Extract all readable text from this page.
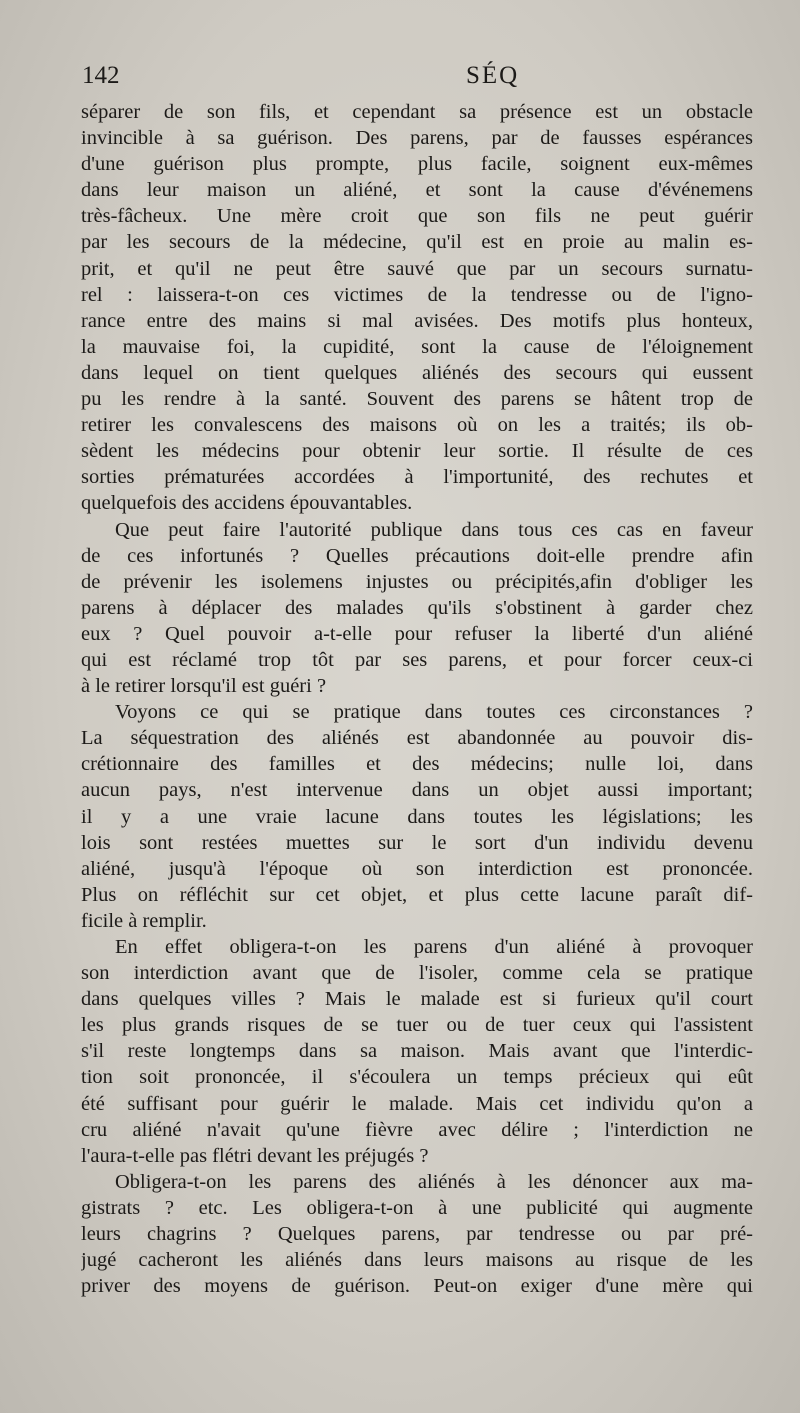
142	SÉQ
séparer de son fils, et cependant sa présence est un obstacle
invincible à sa guérison. Des parens, par de fausses espérances
d'une guérison plus prompte, plus facile, soignent eux-mêmes
dans leur maison un aliéné, et sont la cause d'événemens
très-fâcheux. Une mère croit que son fils ne peut guérir
par les secours de la médecine, qu'il est en proie au malin es-
prit, et qu'il ne peut être sauvé que par un secours surnatu-
rel : laissera-t-on ces victimes de la tendresse ou de l'igno-
rance entre des mains si mal avisées. Des motifs plus honteux,
la mauvaise foi, la cupidité, sont la cause de l'éloignement
dans lequel on tient quelques aliénés des secours qui eussent
pu les rendre à la santé. Souvent des parens se hâtent trop de
retirer les convalescens des maisons où on les a traités; ils ob-
sèdent les médecins pour obtenir leur sortie. Il résulte de ces
sorties prématurées accordées à l'importunité, des rechutes et
quelquefois des accidens épouvantables.
Que peut faire l'autorité publique dans tous ces cas en faveur
de ces infortunés ? Quelles précautions doit-elle prendre afin
de prévenir les isolemens injustes ou précipités,afin d'obliger les
parens à déplacer des malades qu'ils s'obstinent à garder chez
eux ? Quel pouvoir a-t-elle pour refuser la liberté d'un aliéné
qui est réclamé trop tôt par ses parens, et pour forcer ceux-ci
à le retirer lorsqu'il est guéri ?
Voyons ce qui se pratique dans toutes ces circonstances ?
La séquestration des aliénés est abandonnée au pouvoir dis-
crétionnaire des familles et des médecins; nulle loi, dans
aucun pays, n'est intervenue dans un objet aussi important;
il y a une vraie lacune dans toutes les législations; les
lois sont restées muettes sur le sort d'un individu devenu
aliéné, jusqu'à l'époque où son interdiction est prononcée.
Plus on réfléchit sur cet objet, et plus cette lacune paraît dif-
ficile à remplir.
En effet obligera-t-on les parens d'un aliéné à provoquer
son interdiction avant que de l'isoler, comme cela se pratique
dans quelques villes ? Mais le malade est si furieux qu'il court
les plus grands risques de se tuer ou de tuer ceux qui l'assistent
s'il reste longtemps dans sa maison. Mais avant que l'interdic-
tion soit prononcée, il s'écoulera un temps précieux qui eût
été suffisant pour guérir le malade. Mais cet individu qu'on a
cru aliéné n'avait qu'une fièvre avec délire ; l'interdiction ne
l'aura-t-elle pas flétri devant les préjugés ?
Obligera-t-on les parens des aliénés à les dénoncer aux ma-
gistrats ? etc. Les obligera-t-on à une publicité qui augmente
leurs chagrins ? Quelques parens, par tendresse ou par pré-
jugé cacheront les aliénés dans leurs maisons au risque de les
priver des moyens de guérison. Peut-on exiger d'une mère qui
